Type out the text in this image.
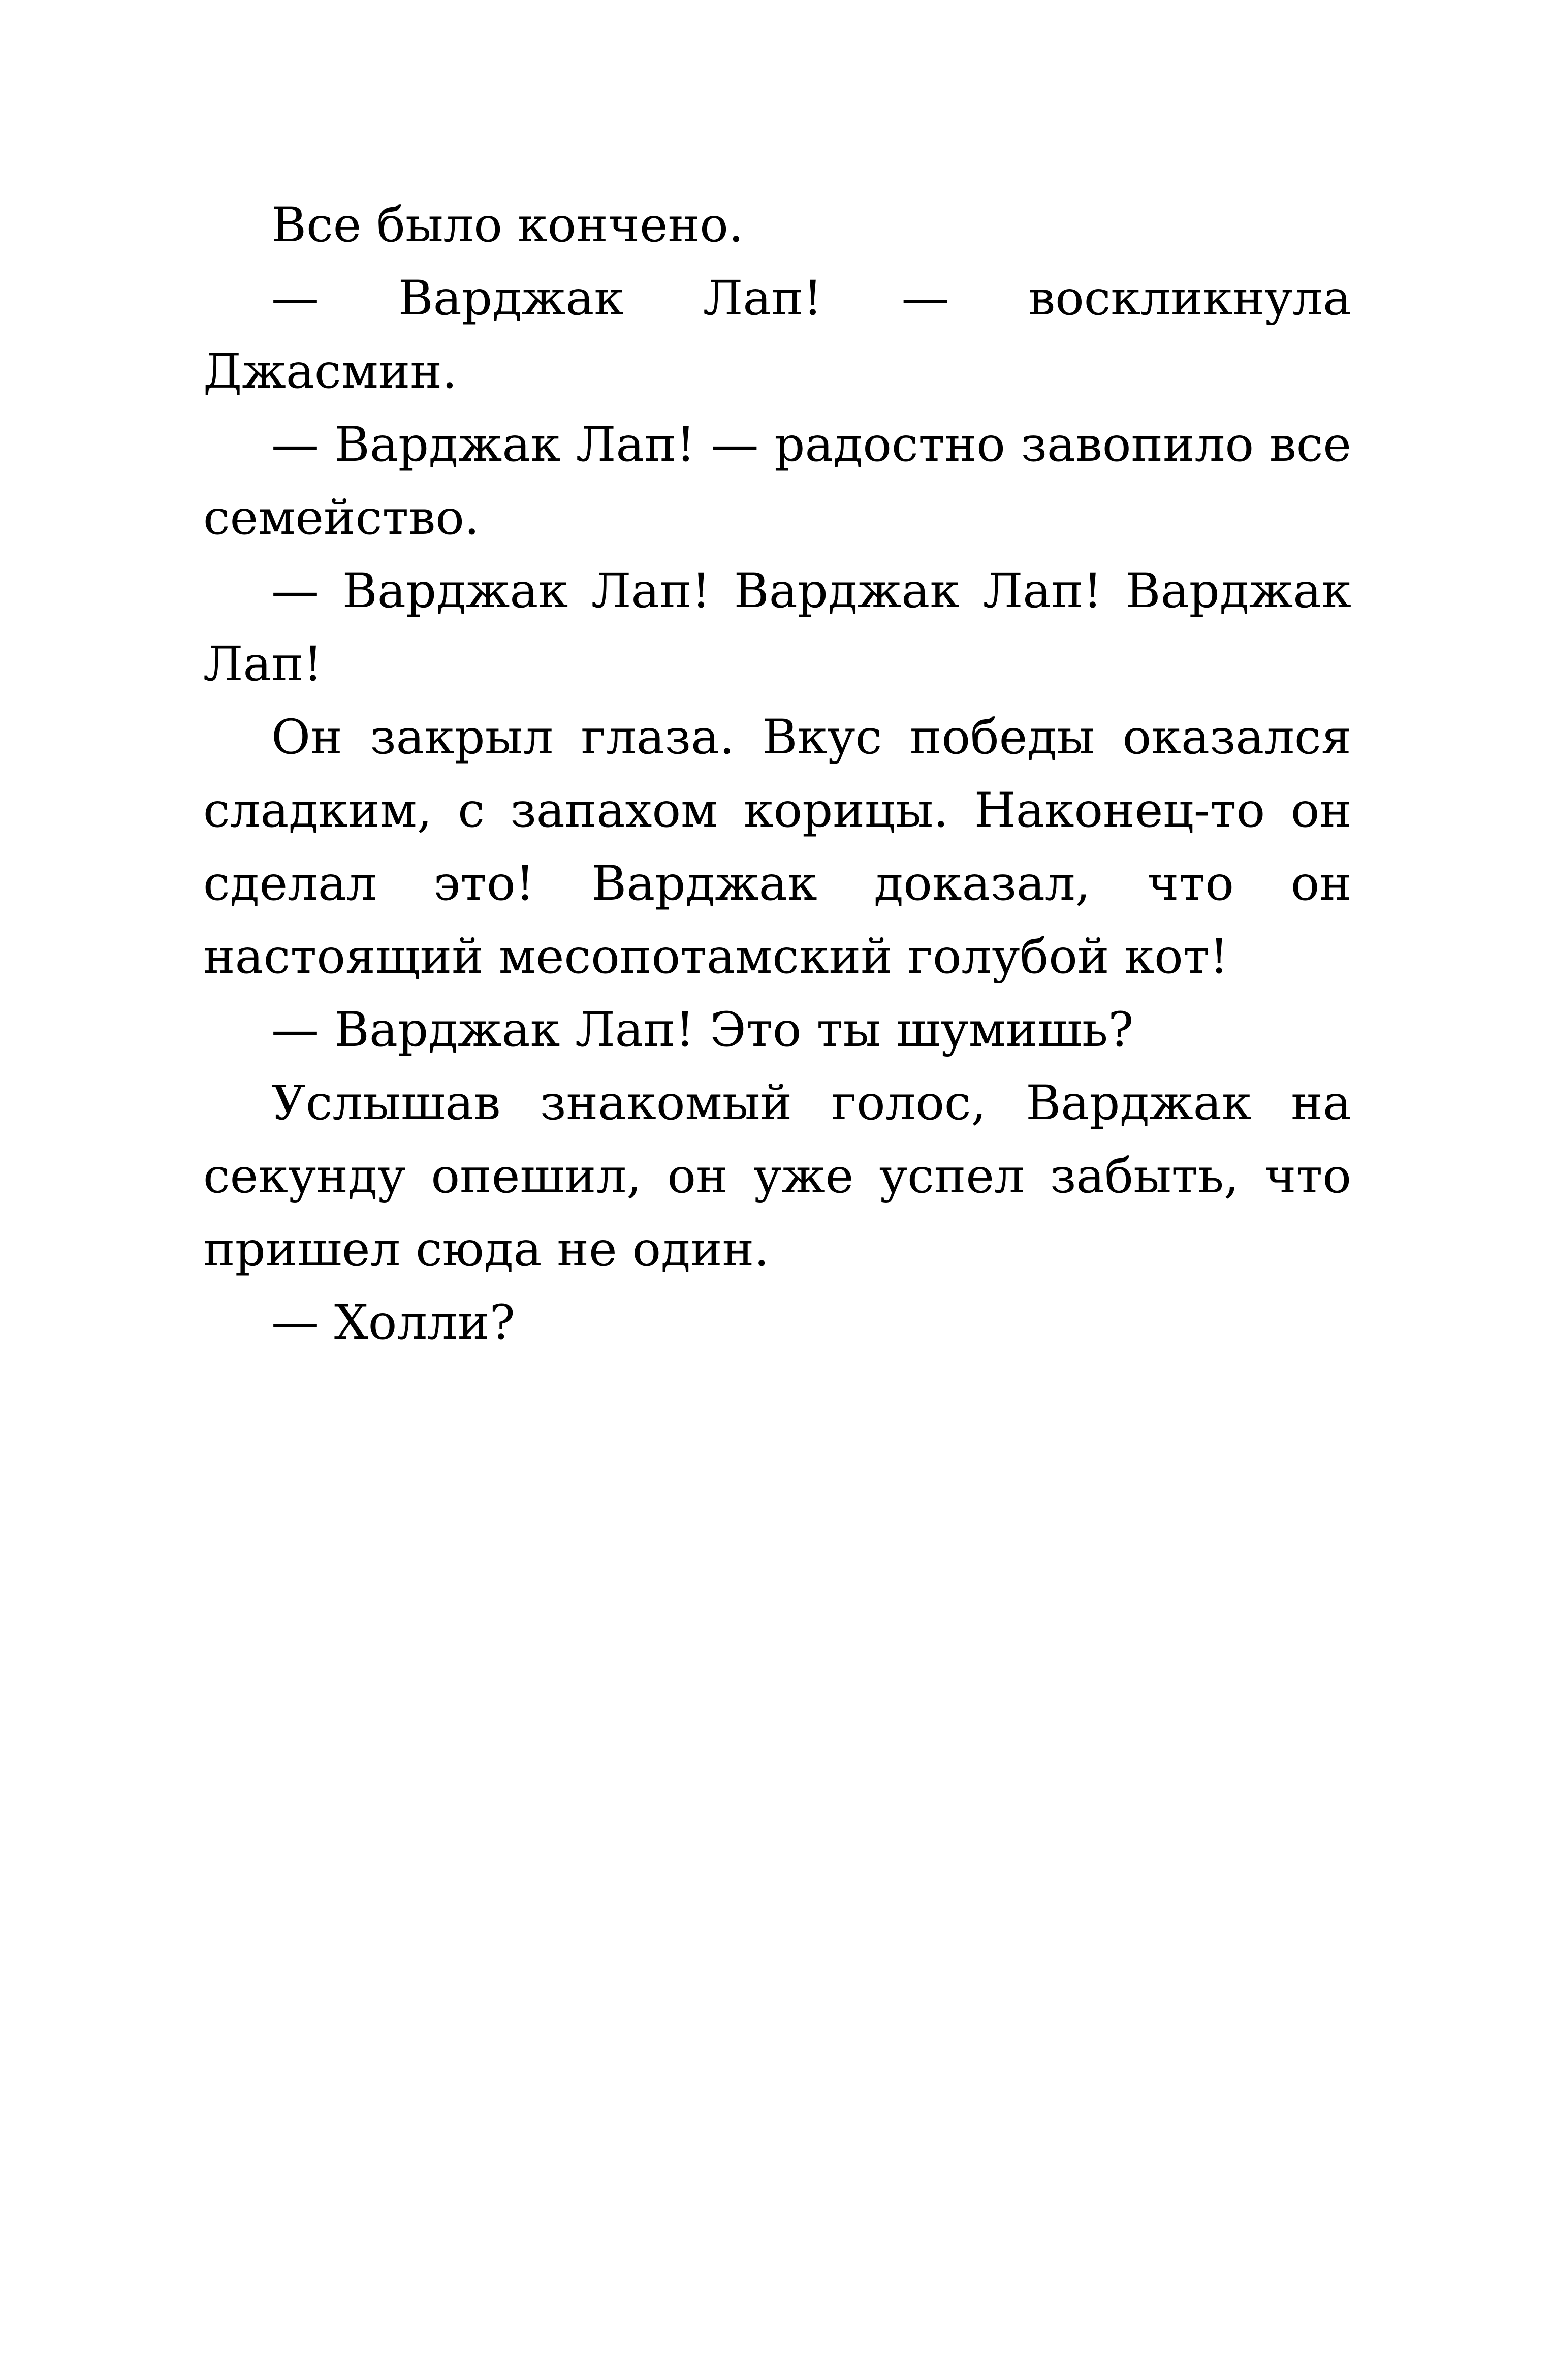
Все было кончено.

— Варджак Лап! — воскликнула Джасмин.

— Варджак Лап! — радостно завопило все семейство.

— Варджак Лап! Варджак Лап! Варджак Лап!

Он закрыл глаза. Вкус победы оказался сладким, с запахом корицы. Наконец-то он сделал это! Варджак доказал, что он настоящий месопотамский голубой кот!

— Варджак Лап! Это ты шумишь?

Услышав знакомый голос, Варджак на секунду опешил, он уже успел забыть, что пришел сюда не один.

— Холли?
